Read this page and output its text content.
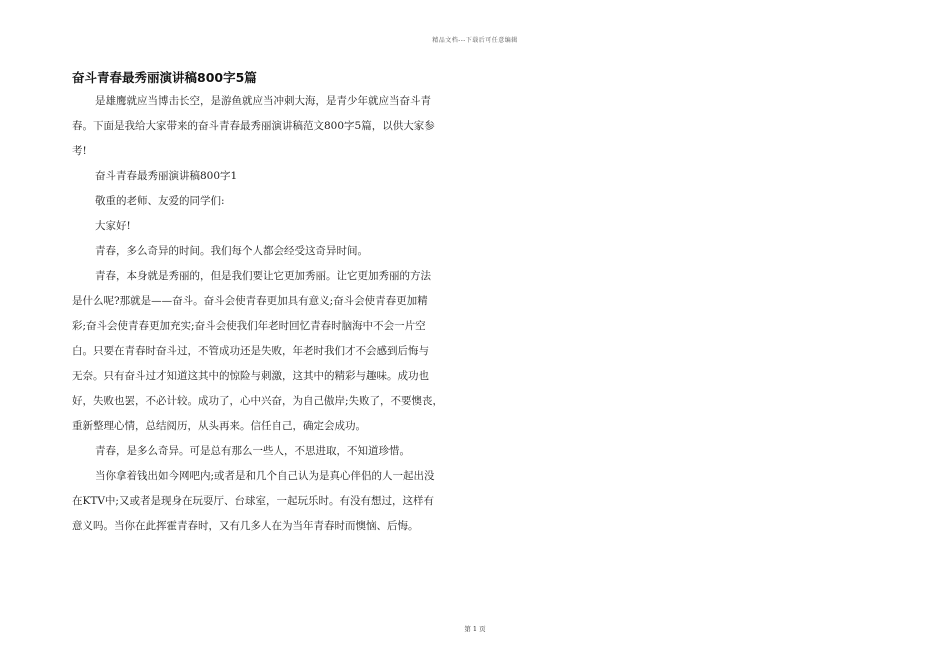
精品文档---下载后可任意编辑
奋斗青春最秀丽演讲稿800字5篇
是雄鹰就应当博击长空，是游鱼就应当冲刺大海，是青少年就应当奋斗青
春。下面是我给大家带来的奋斗青春最秀丽演讲稿范文800字5篇，以供大家参
考!
奋斗青春最秀丽演讲稿800字1
敬重的老师、友爱的同学们:
大家好!
青春，多么奇异的时间。我们每个人都会经受这奇异时间。
青春，本身就是秀丽的，但是我们要让它更加秀丽。让它更加秀丽的方法
是什么呢?那就是——奋斗。奋斗会使青春更加具有意义;奋斗会使青春更加精
彩;奋斗会使青春更加充实;奋斗会使我们年老时回忆青春时脑海中不会一片空
白。只要在青春时奋斗过，不管成功还是失败，年老时我们才不会感到后悔与
无奈。只有奋斗过才知道这其中的惊险与刺激，这其中的精彩与趣味。成功也
好，失败也罢，不必计较。成功了，心中兴奋，为自己傲岸;失败了，不要懊丧，
重新整理心情，总结阅历，从头再来。信任自己，确定会成功。
青春，是多么奇异。可是总有那么一些人，不思进取，不知道珍惜。
当你拿着钱出如今网吧内;或者是和几个自己认为是真心伴侣的人一起出没
在KTV中;又或者是现身在玩耍厅、台球室，一起玩乐时。有没有想过，这样有
意义吗。当你在此挥霍青春时，又有几多人在为当年青春时而懊恼、后悔。
第 1 页
